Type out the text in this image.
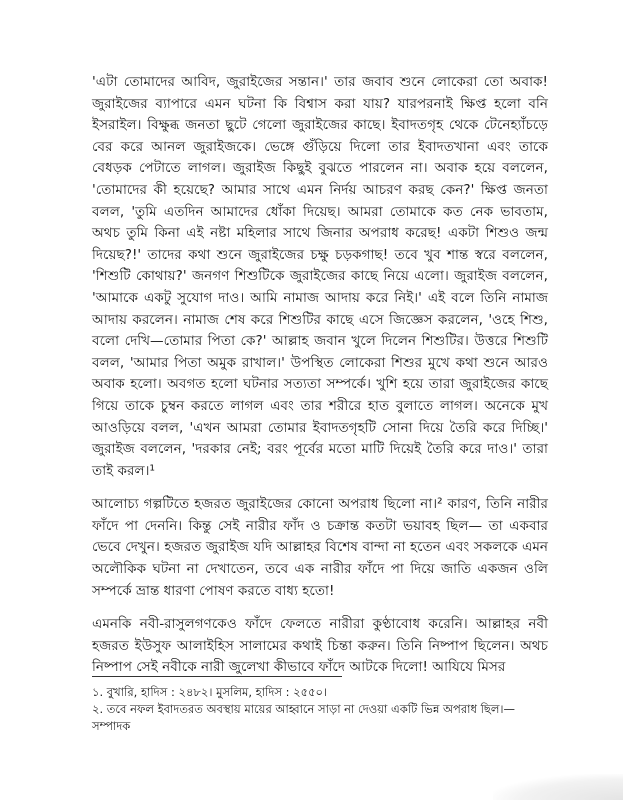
'এটা তোমাদের আবিদ, জুরাইজের সন্তান।' তার জবাব শুনে লোকেরা তো অবাক! জুরাইজের ব্যাপারে এমন ঘটনা কি বিশ্বাস করা যায়? যারপরনাই ক্ষিপ্ত হলো বনি ইসরাইল। বিক্ষুব্ধ জনতা ছুটে গেলো জুরাইজের কাছে। ইবাদতগৃহ থেকে টেনেহ্যাঁচড়ে বের করে আনল জুরাইজকে। ভেঙ্গে গুঁড়িয়ে দিলো তার ইবাদতখানা এবং তাকে বেধড়ক পেটাতে লাগল। জুরাইজ কিছুই বুঝতে পারলেন না। অবাক হয়ে বললেন, 'তোমাদের কী হয়েছে? আমার সাথে এমন নির্দয় আচরণ করছ কেন?' ক্ষিপ্ত জনতা বলল, 'তুমি এতদিন আমাদের ধোঁকা দিয়েছ। আমরা তোমাকে কত নেক ভাবতাম, অথচ তুমি কিনা এই নষ্টা মহিলার সাথে জিনার অপরাধ করেছ! একটা শিশুও জন্ম দিয়েছ?!' তাদের কথা শুনে জুরাইজের চক্ষু চড়কগাছ! তবে খুব শান্ত স্বরে বললেন, 'শিশুটি কোথায়?' জনগণ শিশুটিকে জুরাইজের কাছে নিয়ে এলো। জুরাইজ বললেন, 'আমাকে একটু সুযোগ দাও। আমি নামাজ আদায় করে নিই।' এই বলে তিনি নামাজ আদায় করলেন। নামাজ শেষ করে শিশুটির কাছে এসে জিজ্ঞেস করলেন, 'ওহে শিশু, বলো দেখি—তোমার পিতা কে?' আল্লাহ জবান খুলে দিলেন শিশুটির। উত্তরে শিশুটি বলল, 'আমার পিতা অমুক রাখাল।' উপস্থিত লোকেরা শিশুর মুখে কথা শুনে আরও অবাক হলো। অবগত হলো ঘটনার সত্যতা সম্পর্কে। খুশি হয়ে তারা জুরাইজের কাছে গিয়ে তাকে চুম্বন করতে লাগল এবং তার শরীরে হাত বুলাতে লাগল। অনেকে মুখ আওড়িয়ে বলল, 'এখন আমরা তোমার ইবাদতগৃহটি সোনা দিয়ে তৈরি করে দিচ্ছি।' জুরাইজ বললেন, 'দরকার নেই; বরং পূর্বের মতো মাটি দিয়েই তৈরি করে দাও।' তারা তাই করল।¹

আলোচ্য গল্পটিতে হজরত জুরাইজের কোনো অপরাধ ছিলো না।² কারণ, তিনি নারীর ফাঁদে পা দেননি। কিন্তু সেই নারীর ফাঁদ ও চক্রান্ত কতটা ভয়াবহ ছিল— তা একবার ভেবে দেখুন। হজরত জুরাইজ যদি আল্লাহর বিশেষ বান্দা না হতেন এবং সকলকে এমন অলৌকিক ঘটনা না দেখাতেন, তবে এক নারীর ফাঁদে পা দিয়ে জাতি একজন ওলি সম্পর্কে ভ্রান্ত ধারণা পোষণ করতে বাধ্য হতো!

এমনকি নবী-রাসুলগণকেও ফাঁদে ফেলতে নারীরা কুণ্ঠাবোধ করেনি। আল্লাহর নবী হজরত ইউসুফ আলাইহিস সালামের কথাই চিন্তা করুন। তিনি নিষ্পাপ ছিলেন। অথচ নিষ্পাপ সেই নবীকে নারী জুলেখা কীভাবে ফাঁদে আটকে দিলো! আযিযে মিসর

১. বুখারি, হাদিস : ২৪৮২। মুসলিম, হাদিস : ২৫৫০।

২. তবে নফল ইবাদতরত অবস্থায় মায়ের আহ্বানে সাড়া না দেওয়া একটি ভিন্ন অপরাধ ছিল।—সম্পাদক
